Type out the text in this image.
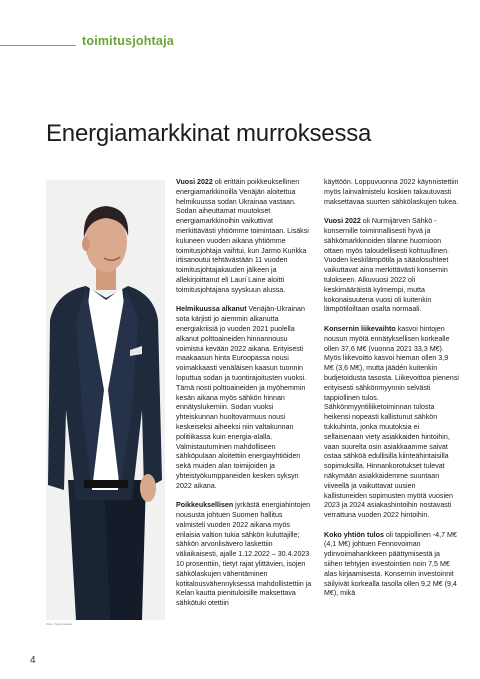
toimitusjohtaja
Energiamarkkinat murroksessa
Kuva: Taneli Eskola

Vuosi 2022 oli erittäin poikkeuksellinen energiamarkkinoilla Venäjän aloitettua helmikuussa sodan Ukrainaa vastaan. Sodan aiheuttamat muutokset energiamarkkinoihin vaikuttivat merkittävästi yhtiömme toimintaan. Lisäksi kuluneen vuoden aikana yhtiömme toimitusjohtaja vaihtui, kun Jarmo Kurikka irtisanoutui tehtävästään 11 vuoden toimitusjohtajakauden jälkeen ja allekirjoittanut eli Lauri Laine aloitti toimitusjohtajana syyskuun alussa.

Helmikuussa alkanut Venäjän-Ukrainan sota kärjisti jo aiemmin alkanutta energiakriisiä jo vuoden 2021 puolella alkanut polttoaineiden hinnannousu voimistui kevään 2022 aikana. Erityisesti maakaasun hinta Euroopassa nousi voimakkaasti venäläisen kaasun tuonnin loputtua sodan ja tuontirajoitusten vuoksi. Tämä nosti polttoaineiden ja myöhemmin kesän aikana myös sähkön hinnan ennätyslukemiin. Sodan vuoksi yhteiskunnan huoltovarmuus nousi keskeiseksi aiheeksi niin valtakunnan politiikassa kuin energia-alalla. Valmistautuminen mahdolliseen sähköpulaan aloitettiin energiayhtiöiden sekä muiden alan toimijoiden ja yhteistyökumppaneiden kesken syksyn 2022 aikana.

Poikkeuksellisen jyrkästä energiahintojen noususta johtuen Suomen hallitus valmisteli vuoden 2022 aikana myös erilaisia valtion tukia sähkön kuluttajille; sähkön arvonlisävero laskettiin väliaikaisesti, ajalle 1.12.2022 – 30.4.2023 10 prosenttiin, tietyt rajat ylittävien, isojen sähkölaskujen vähentäminen kotitalousvähennyksessä mahdollistettiin ja Kelan kautta pienituloisille maksettava sähkötuki otettiin

käyttöön. Loppuvuonna 2022 käynnistettiin myös lainvalmistelu koskien takautuvasti maksettavaa suurten sähkölaskujen tukea.

Vuosi 2022 oli Nurmijärven Sähkö -konsernille toiminnallisesti hyvä ja sähkömarkkinoiden tilanne huomioon ottaen myös taloudellisesti kohtuullinen. Vuoden keskilämpötila ja sääolosuhteet vaikuttavat aina merkittävästi konsernin tulokseen. Alkuvuosi 2022 oli keskimääräistä kylmempi, mutta kokonaisuutena vuosi oli kuitenkin lämpötiloiltaan osalta normaali.

Konsernin liikevaihto kasvoi hintojen nousun myötä ennätyksellisen korkealle ollen 37,6 M€ (vuonna 2021 33,3 M€). Myös liikevoitto kasvoi hieman ollen 3,9 M€ (3,6 M€), mutta jäädén kuitenkin budjetoidusta tasosta. Liikevoittoa pienensi erityisesti sähkönmyynnin selvästi tappiollinen tulos. Sähkönmyyntiliiketoiminnan tulosta heikensi nopeasti kallistunut sähkön tukkuhinta, jonka muutoksia ei sellaisenaan viety asiakkaiden hintoihin, vaan suurelta osin asiakkaamme saivat ostaa sähköä edullisilla kiinteähintaisilla sopimuksilla. Hinnankorotukset tulevat näkymään asiakkaidemme suuntaan viiveellä ja vaikuttavat uusien kallistuneiden sopimusten myötä vuosien 2023 ja 2024 asiakashintoihin nostavasti verrattuna vuoden 2022 hintoihin.

Koko yhtiön tulos oli tappiollinen -4,7 M€ (4,1 M€) johtuen Fennovoiman ydinvoimahankkeen päättymisestä ja siihen tehtyjen investointien noin 7,5 M€ alas kirjaamisesta. Konsernin investoinnit säilyivät korkealla tasolla ollen 9,2 M€ (9,4 M€), mikä

4
